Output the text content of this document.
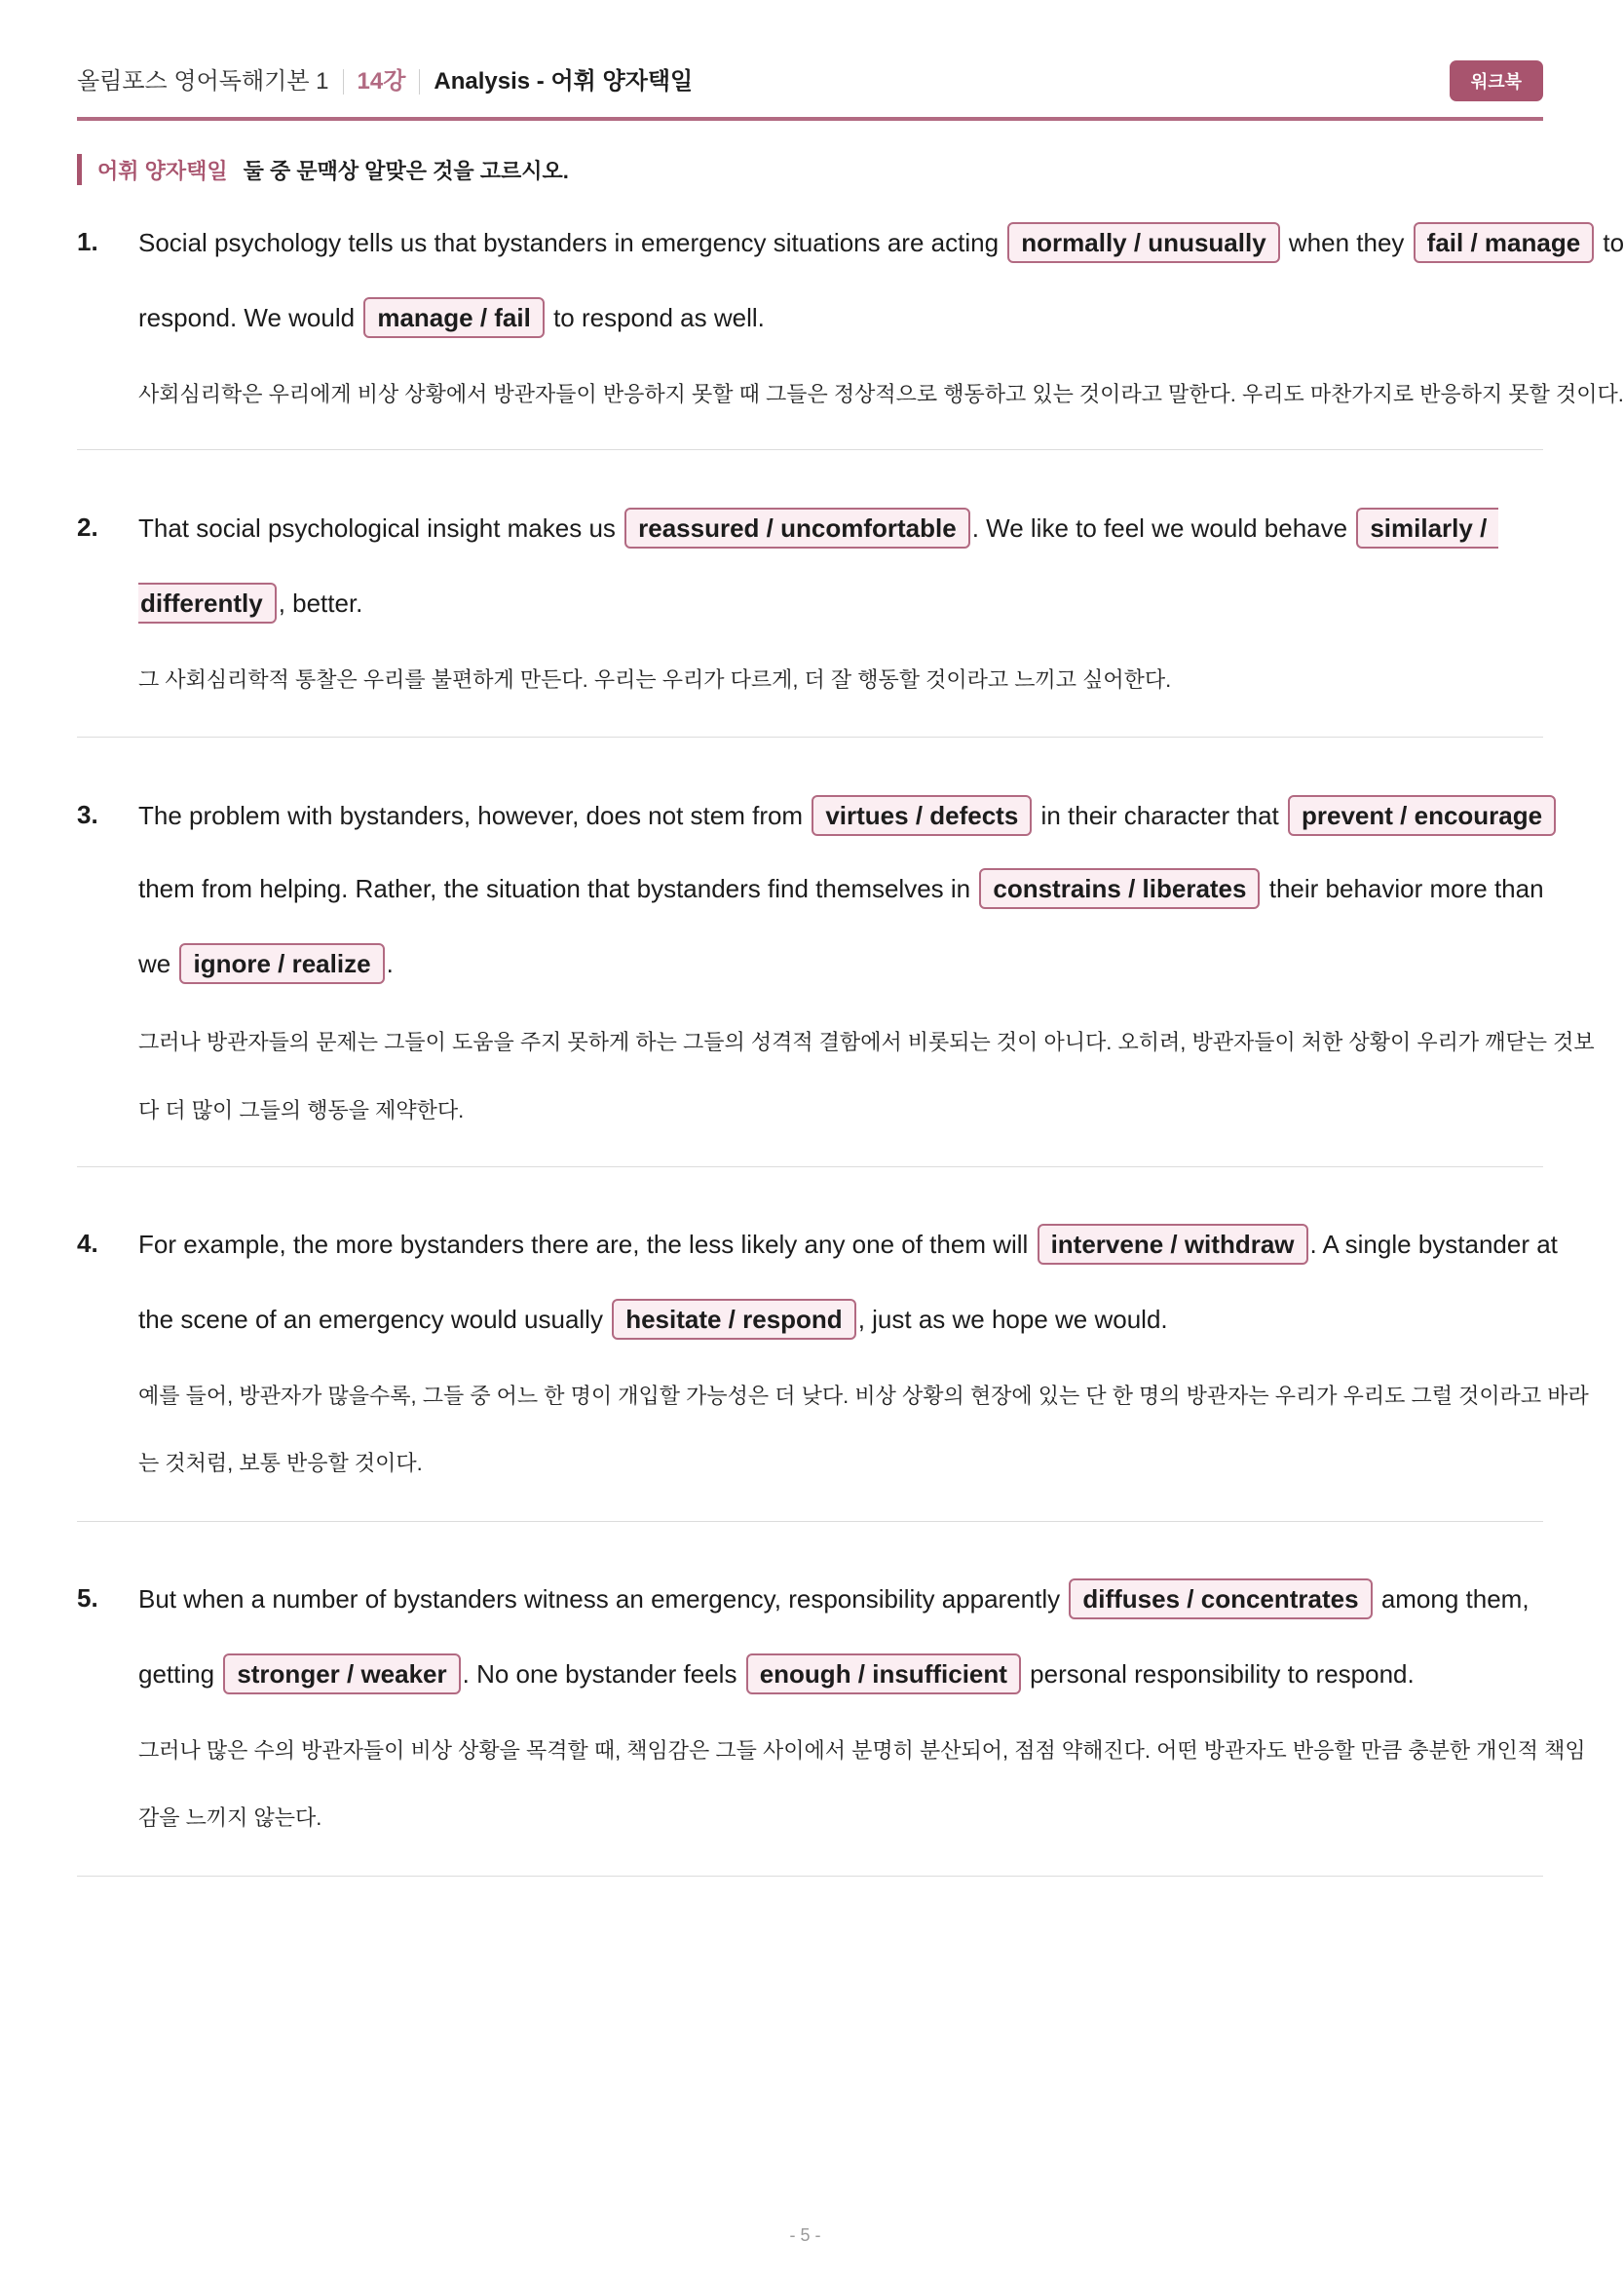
올림포스 영어독해기본 1 14강 Analysis - 어휘 양자택일	워크북
어휘 양자택일 둘 중 문맥상 알맞은 것을 고르시오.
1. Social psychology tells us that bystanders in emergency situations are acting normally / unusually when they fail / manage to
respond. We would manage / fail to respond as well.
사회심리학은 우리에게 비상 상황에서 방관자들이 반응하지 못할 때 그들은 정상적으로 행동하고 있는 것이라고 말한다. 우리도 마찬가지로 반응하지 못할 것이다.
2. That social psychological insight makes us reassured / uncomfortable . We like to feel we would behave similarly /
differently , better.
그 사회심리학적 통찰은 우리를 불편하게 만든다. 우리는 우리가 다르게, 더 잘 행동할 것이라고 느끼고 싶어한다.
3. The problem with bystanders, however, does not stem from virtues / defects in their character that prevent / encourage
them from helping. Rather, the situation that bystanders find themselves in constrains / liberates their behavior more than
we ignore / realize .
그러나 방관자들의 문제는 그들이 도움을 주지 못하게 하는 그들의 성격적 결함에서 비롯되는 것이 아니다. 오히려, 방관자들이 처한 상황이 우리가 깨닫는 것보
다 더 많이 그들의 행동을 제약한다.
4. For example, the more bystanders there are, the less likely any one of them will intervene / withdraw . A single bystander at
the scene of an emergency would usually hesitate / respond , just as we hope we would.
예를 들어, 방관자가 많을수록, 그들 중 어느 한 명이 개입할 가능성은 더 낮다. 비상 상황의 현장에 있는 단 한 명의 방관자는 우리가 우리도 그럴 것이라고 바라
는 것처럼, 보통 반응할 것이다.
5. But when a number of bystanders witness an emergency, responsibility apparently diffuses / concentrates among them,
getting stronger / weaker . No one bystander feels enough / insufficient personal responsibility to respond.
그러나 많은 수의 방관자들이 비상 상황을 목격할 때, 책임감은 그들 사이에서 분명히 분산되어, 점점 약해진다. 어떤 방관자도 반응할 만큼 충분한 개인적 책임
감을 느끼지 않는다.
- 5 -
